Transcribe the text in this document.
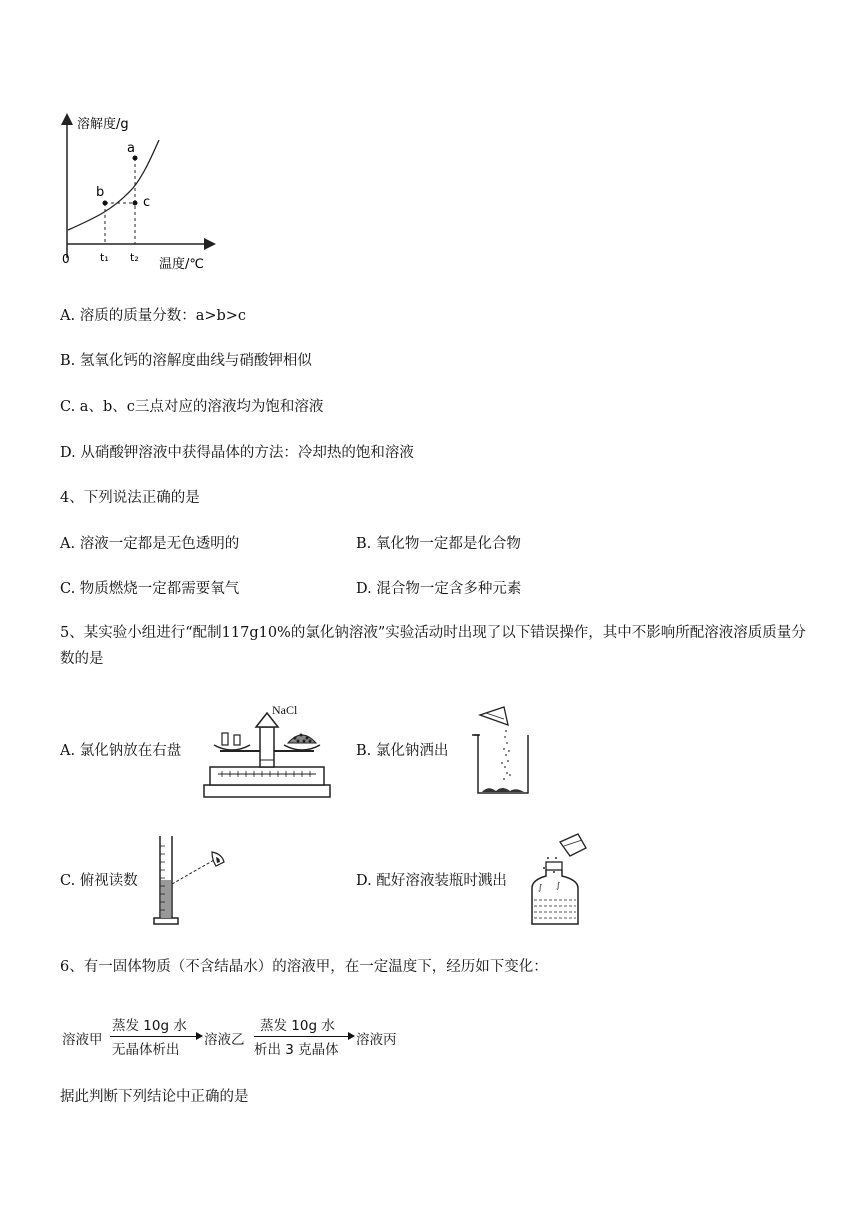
溶解度/g
温度/℃
0
a
b
c
t₁ t₂
A. 溶质的质量分数：a>b>c
B. 氢氧化钙的溶解度曲线与硝酸钾相似
C. a、b、c三点对应的溶液均为饱和溶液
D. 从硝酸钾溶液中获得晶体的方法：冷却热的饱和溶液
4、下列说法正确的是
A. 溶液一定都是无色透明的	B. 氧化物一定都是化合物
C. 物质燃烧一定都需要氧气	D. 混合物一定含多种元素
5、某实验小组进行“配制117g10%的氯化钠溶液”实验活动时出现了以下错误操作，其中不影响所配溶液溶质质量分数的是
A. 氯化钠放在右盘
NaCl
B. 氯化钠洒出
C. 俯视读数	D. 配好溶液装瓶时溅出	∫ ∫
6、有一固体物质（不含结晶水）的溶液甲，在一定温度下，经历如下变化：
溶液甲
蒸发 10g 水
无晶体析出
溶液乙
蒸发 10g 水
析出 3 克晶体
溶液丙
据此判断下列结论中正确的是
